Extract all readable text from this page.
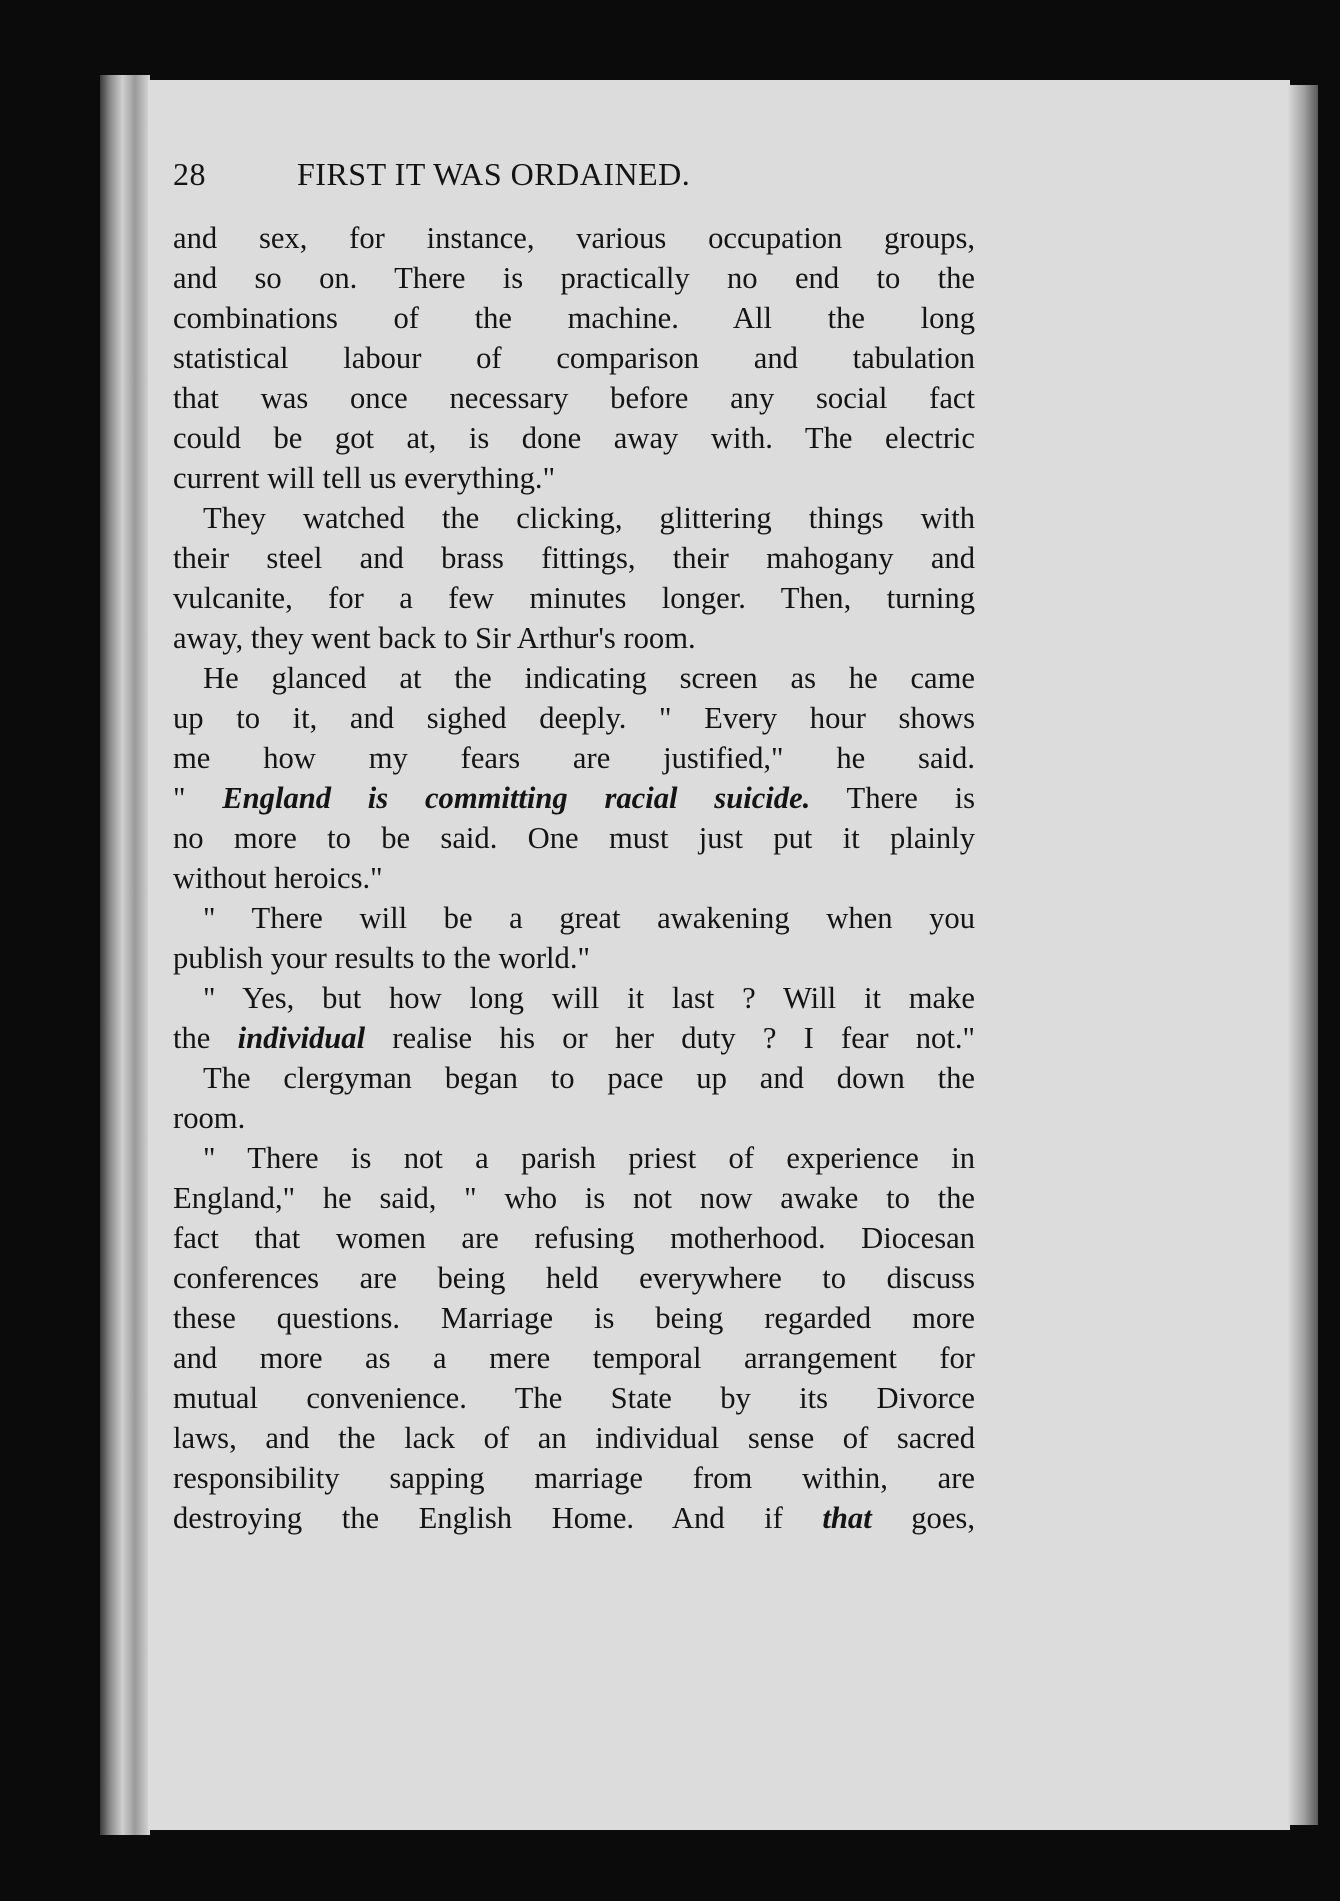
28	FIRST IT WAS ORDAINED.

and sex, for instance, various occupation groups,
and so on. There is practically no end to the
combinations of the machine. All the long
statistical labour of comparison and tabulation
that was once necessary before any social fact
could be got at, is done away with. The electric
current will tell us everything."

They watched the clicking, glittering things with
their steel and brass fittings, their mahogany and
vulcanite, for a few minutes longer. Then, turning
away, they went back to Sir Arthur's room.

He glanced at the indicating screen as he came
up to it, and sighed deeply. " Every hour shows
me how my fears are justified," he said.
" England is committing racial suicide. There is
no more to be said. One must just put it plainly
without heroics."

" There will be a great awakening when you
publish your results to the world."

" Yes, but how long will it last ? Will it make
the individual realise his or her duty ? I fear not."

The clergyman began to pace up and down the
room.

" There is not a parish priest of experience in
England," he said, " who is not now awake to the
fact that women are refusing motherhood. Diocesan
conferences are being held everywhere to discuss
these questions. Marriage is being regarded more
and more as a mere temporal arrangement for
mutual convenience. The State by its Divorce
laws, and the lack of an individual sense of sacred
responsibility sapping marriage from within, are
destroying the English Home. And if that goes,
